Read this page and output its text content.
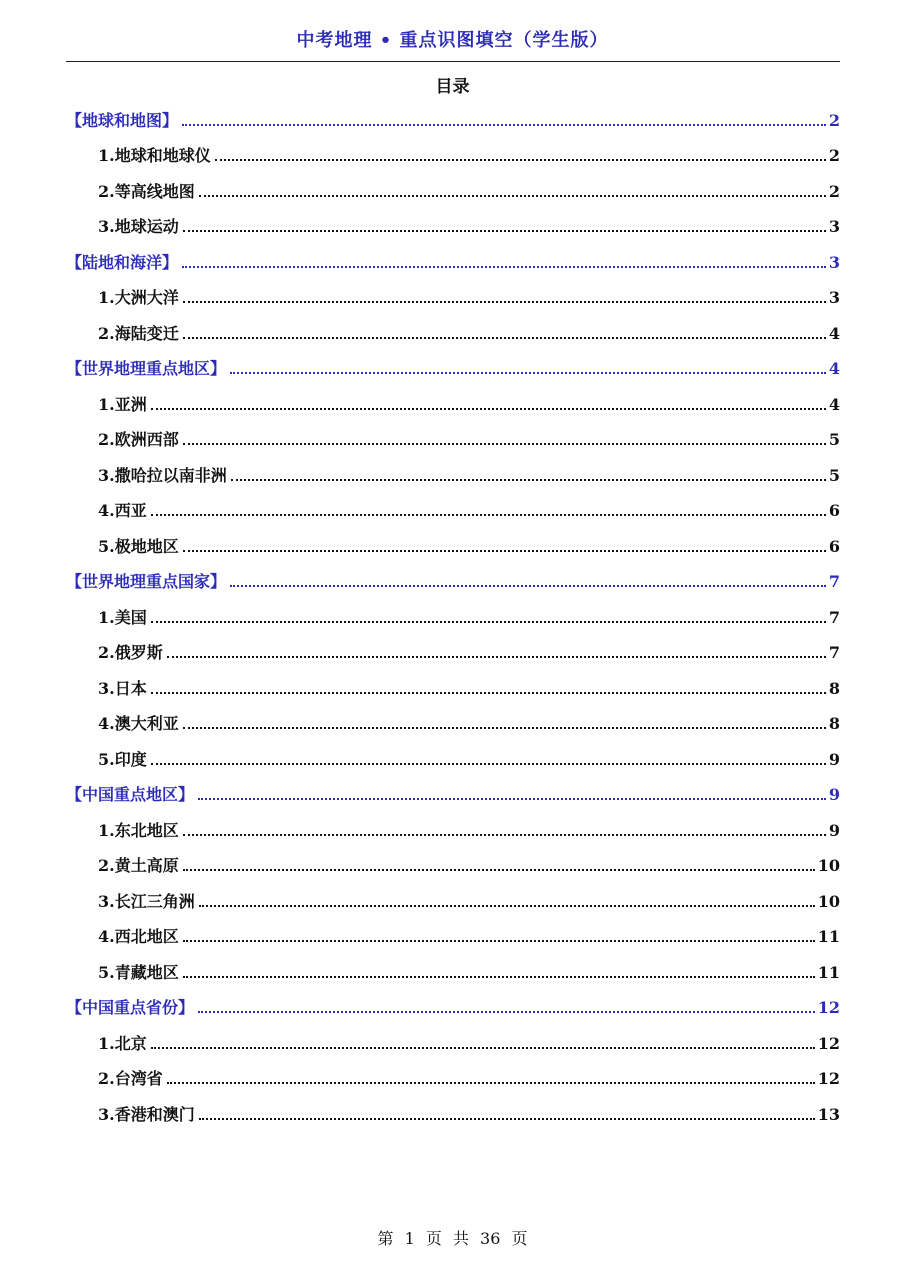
中考地理 • 重点识图填空（学生版）
目录
【地球和地图】	2
1.地球和地球仪	2
2.等高线地图	2
3.地球运动	3
【陆地和海洋】	3
1.大洲大洋	3
2.海陆变迁	4
【世界地理重点地区】	4
1.亚洲	4
2.欧洲西部	5
3.撒哈拉以南非洲	5
4.西亚	6
5.极地地区	6
【世界地理重点国家】	7
1.美国	7
2.俄罗斯	7
3.日本	8
4.澳大利亚	8
5.印度	9
【中国重点地区】	9
1.东北地区	9
2.黄土高原	10
3.长江三角洲	10
4.西北地区	11
5.青藏地区	11
【中国重点省份】	12
1.北京	12
2.台湾省	12
3.香港和澳门	13
第 1 页 共 36 页
